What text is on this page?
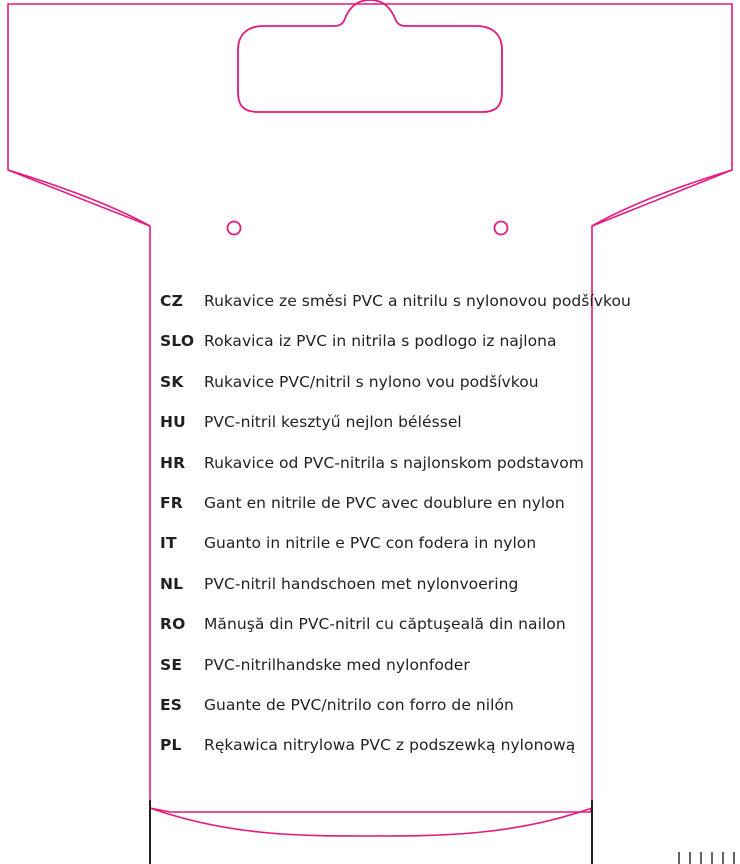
CZ	Rukavice ze směsi PVC a nitrilu s nylonovou podšívkou
SLO Rokavica iz PVC in nitrila s podlogo iz najlona
SK	Rukavice PVC/nitril s nylono vou podšívkou
HU	PVC-nitril kesztyű nejlon béléssel
HR	Rukavice od PVC-nitrila s najlonskom podstavom
FR	Gant en nitrile de PVC avec doublure en nylon
IT	Guanto in nitrile e PVC con fodera in nylon
NL	PVC-nitril handschoen met nylonvoering
RO	Mănuşă din PVC-nitril cu căptuşeală din nailon
SE	PVC-nitrilhandske med nylonfoder
ES	Guante de PVC/nitrilo con forro de nilón
PL	Rękawica nitrylowa PVC z podszewką nylonową
